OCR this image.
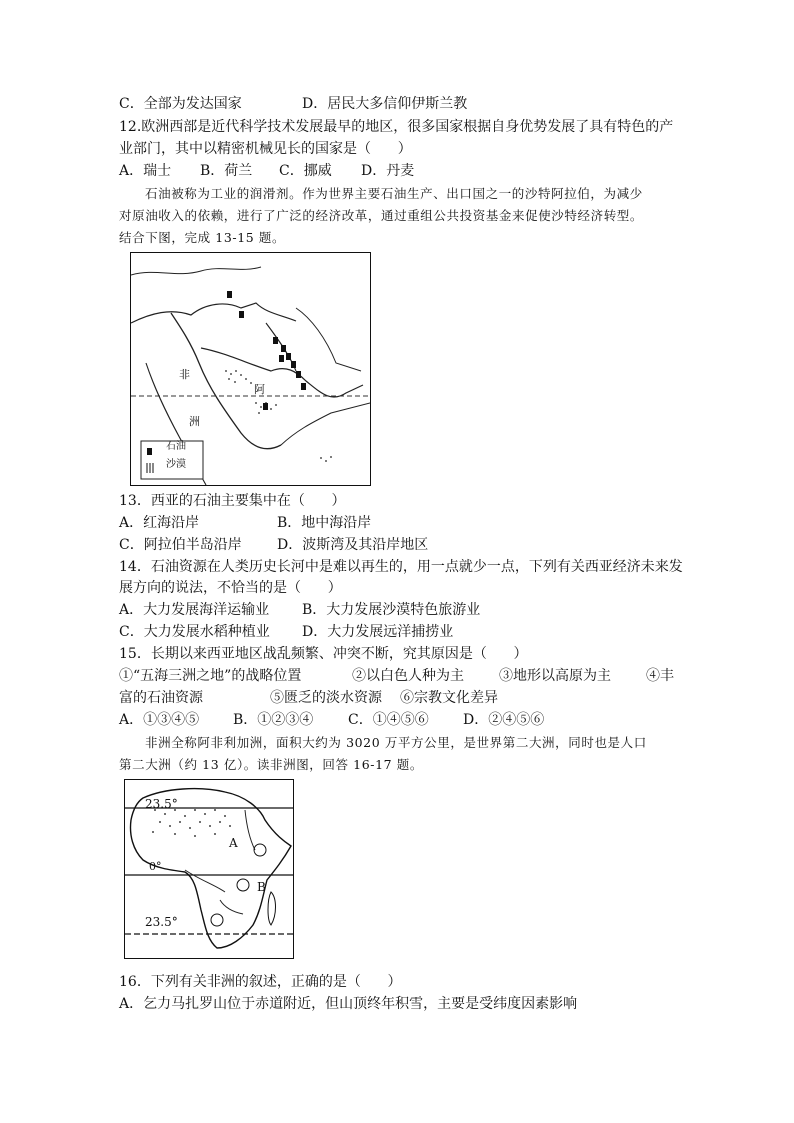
C．全部为发达国家	D．居民大多信仰伊斯兰教
12.欧洲西部是近代科学技术发展最早的地区，很多国家根据自身优势发展了具有特色的产
业部门，其中以精密机械见长的国家是（      ）
A．瑞士 B．荷兰 C．挪威 D．丹麦
石油被称为工业的润滑剂。作为世界主要石油生产、出口国之一的沙特阿拉伯，为减少
对原油收入的依赖，进行了广泛的经济改革，通过重组公共投资基金来促使沙特经济转型。
结合下图，完成 13-15 题。
石油
沙漠
非
阿
洲
13．西亚的石油主要集中在（      ）
A．红海沿岸	B．地中海沿岸
C．阿拉伯半岛沿岸	D．波斯湾及其沿岸地区
14．石油资源在人类历史长河中是难以再生的，用一点就少一点，下列有关西亚经济未来发
展方向的说法，不恰当的是（      ）
A．大力发展海洋运输业 B．大力发展沙漠特色旅游业
C．大力发展水稻种植业 D．大力发展远洋捕捞业
15．长期以来西亚地区战乱频繁、冲突不断，究其原因是（      ）
①“五海三洲之地”的战略位置	②以白色人种为主	③地形以高原为主	④丰
富的石油资源	⑤匮乏的淡水资源 ⑥宗教文化差异
A．①③④⑤ B．①②③④ C．①④⑤⑥ D．②④⑤⑥
非洲全称阿非利加洲，面积大约为 3020 万平方公里，是世界第二大洲，同时也是人口
第二大洲（约 13 亿）。读非洲图，回答 16-17 题。
23.5°
0°
23.5°
A
B
16．下列有关非洲的叙述，正确的是（      ）
A．乞力马扎罗山位于赤道附近，但山顶终年积雪，主要是受纬度因素影响
